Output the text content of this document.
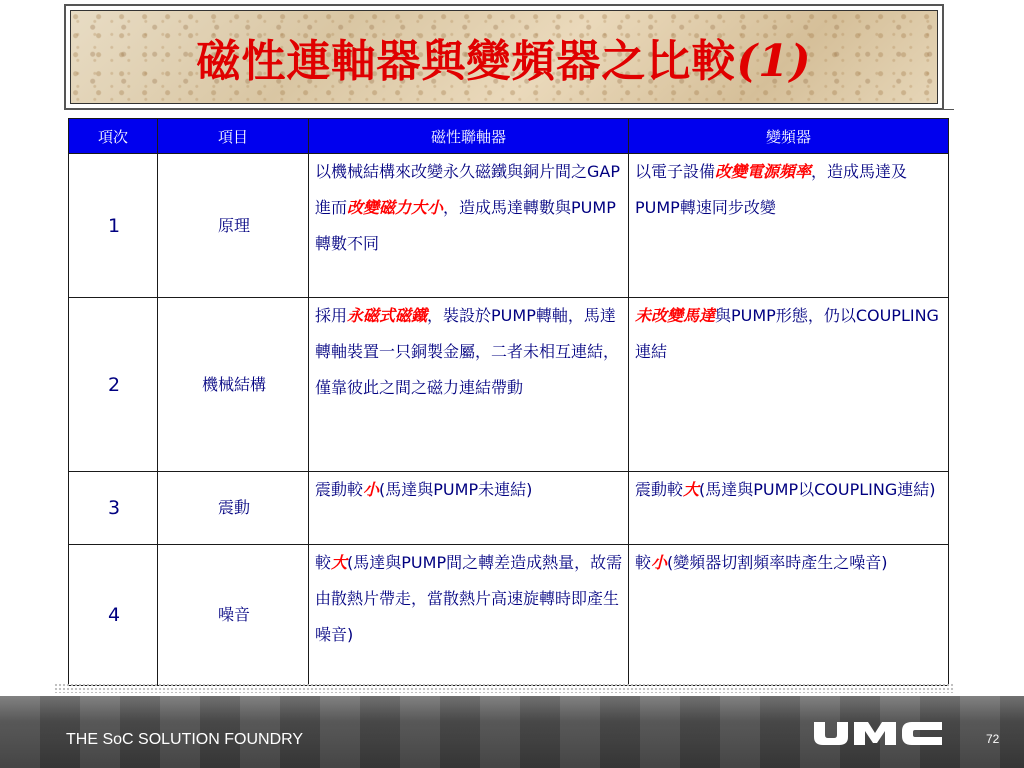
磁性連軸器與變頻器之比較(1)
項次	項目	磁性聯軸器	變頻器
1	原理	以機械結構來改變永久磁鐵與銅片間之GAP進而改變磁力大小，造成馬達轉數與PUMP轉數不同	以電子設備改變電源頻率，造成馬達及PUMP轉速同步改變
2	機械結構	採用永磁式磁鐵，裝設於PUMP轉軸，馬達轉軸裝置一只銅製金屬，二者未相互連結，僅靠彼此之間之磁力連結帶動	未改變馬達與PUMP形態，仍以COUPLING連結
3	震動	震動較小(馬達與PUMP未連結)	震動較大(馬達與PUMP以COUPLING連結)
4	噪音	較大(馬達與PUMP間之轉差造成熱量，故需由散熱片帶走，當散熱片高速旋轉時即產生噪音)	較小(變頻器切割頻率時產生之噪音)
THE SoC SOLUTION FOUNDRY	72
